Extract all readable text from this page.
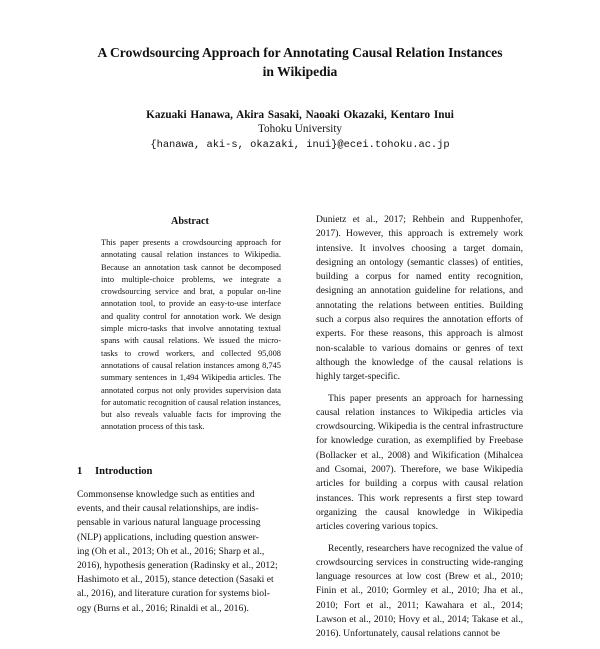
A Crowdsourcing Approach for Annotating Causal Relation Instances
in Wikipedia
Kazuaki Hanawa, Akira Sasaki, Naoaki Okazaki, Kentaro Inui
Tohoku University
{hanawa, aki-s, okazaki, inui}@ecei.tohoku.ac.jp
Abstract
This paper presents a crowdsourcing approach for annotating causal relation instances to Wikipedia. Because an annotation task cannot be decomposed into multiple-choice problems, we integrate a crowdsourcing service and brat, a popular on-line annotation tool, to provide an easy-to-use interface and quality control for annotation work. We design simple micro-tasks that involve annotating textual spans with causal relations. We issued the micro-tasks to crowd workers, and collected 95,008 annotations of causal relation instances among 8,745 summary sentences in 1,494 Wikipedia articles. The annotated corpus not only provides supervision data for automatic recognition of causal relation instances, but also reveals valuable facts for improving the annotation process of this task.
1 Introduction
Commonsense knowledge such as entities and
events, and their causal relationships, are indis-
pensable in various natural language processing
(NLP) applications, including question answer-
ing (Oh et al., 2013; Oh et al., 2016; Sharp et al.,
2016), hypothesis generation (Radinsky et al., 2012;
Hashimoto et al., 2015), stance detection (Sasaki et
al., 2016), and literature curation for systems biol-
ogy (Burns et al., 2016; Rinaldi et al., 2016).

Dunietz et al., 2017; Rehbein and Ruppenhofer, 2017). However, this approach is extremely work intensive. It involves choosing a target domain, designing an ontology (semantic classes) of entities, building a corpus for named entity recognition, designing an annotation guideline for relations, and annotating the relations between entities. Building such a corpus also requires the annotation efforts of experts. For these reasons, this approach is almost non-scalable to various domains or genres of text although the knowledge of the causal relations is highly target-specific.

This paper presents an approach for harnessing causal relation instances to Wikipedia articles via crowdsourcing. Wikipedia is the central infrastructure for knowledge curation, as exemplified by Freebase (Bollacker et al., 2008) and Wikification (Mihalcea and Csomai, 2007). Therefore, we base Wikipedia articles for building a corpus with causal relation instances. This work represents a first step toward organizing the causal knowledge in Wikipedia articles covering various topics.

Recently, researchers have recognized the value of crowdsourcing services in constructing wide-ranging language resources at low cost (Brew et al., 2010; Finin et al., 2010; Gormley et al., 2010; Jha et al., 2010; Fort et al., 2011; Kawahara et al., 2014; Lawson et al., 2010; Hovy et al., 2014; Takase et al., 2016). Unfortunately, causal relations cannot be
